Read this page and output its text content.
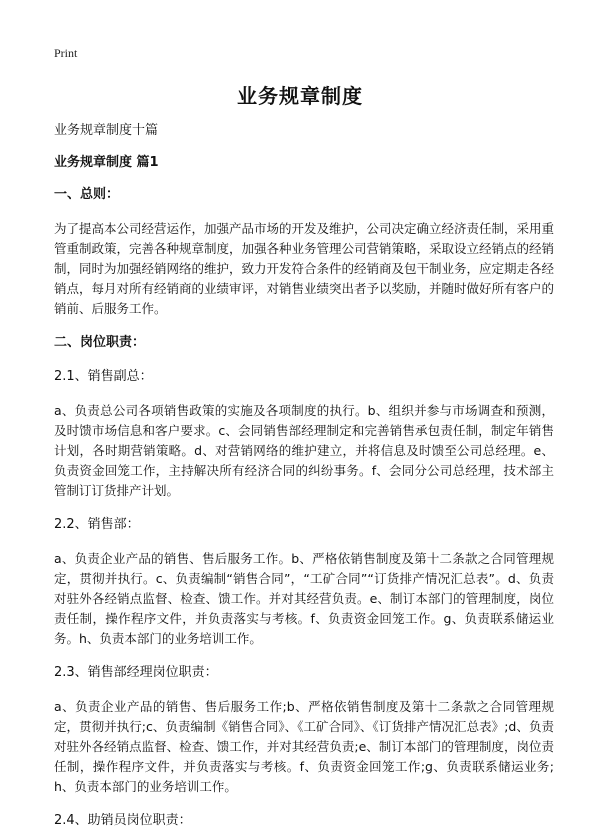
Print
业务规章制度

业务规章制度十篇

业务规章制度 篇1

一、总则：

为了提高本公司经营运作，加强产品市场的开发及维护，公司决定确立经济责任制，采用重管重制政策，完善各种规章制度，加强各种业务管理公司营销策略，采取设立经销点的经销制，同时为加强经销网络的维护，致力开发符合条件的经销商及包干制业务，应定期走各经销点，每月对所有经销商的业绩审评，对销售业绩突出者予以奖励，并随时做好所有客户的销前、后服务工作。

二、岗位职责：

2.1、销售副总：

a、负责总公司各项销售政策的实施及各项制度的执行。b、组织并参与市场调查和预测，及时馈市场信息和客户要求。c、会同销售部经理制定和完善销售承包责任制，制定年销售计划，各时期营销策略。d、对营销网络的维护建立，并将信息及时馈至公司总经理。e、负责资金回笼工作，主持解决所有经济合同的纠纷事务。f、会同分公司总经理，技术部主管制订订货排产计划。

2.2、销售部：

a、负责企业产品的销售、售后服务工作。b、严格依销售制度及第十二条款之合同管理规定，贯彻并执行。c、负责编制“销售合同”，“工矿合同”“订货排产情况汇总表”。d、负责对驻外各经销点监督、检查、馈工作。并对其经营负责。e、制订本部门的管理制度，岗位责任制，操作程序文件，并负责落实与考核。f、负责资金回笼工作。g、负责联系储运业务。h、负责本部门的业务培训工作。

2.3、销售部经理岗位职责：

a、负责企业产品的销售、售后服务工作;b、严格依销售制度及第十二条款之合同管理规定，贯彻并执行;c、负责编制《销售合同》、《工矿合同》、《订货排产情况汇总表》;d、负责对驻外各经销点监督、检查、馈工作，并对其经营负责;e、制订本部门的管理制度，岗位责任制，操作程序文件，并负责落实与考核。f、负责资金回笼工作;g、负责联系储运业务;h、负责本部门的业务培训工作。

2.4、助销员岗位职责：
